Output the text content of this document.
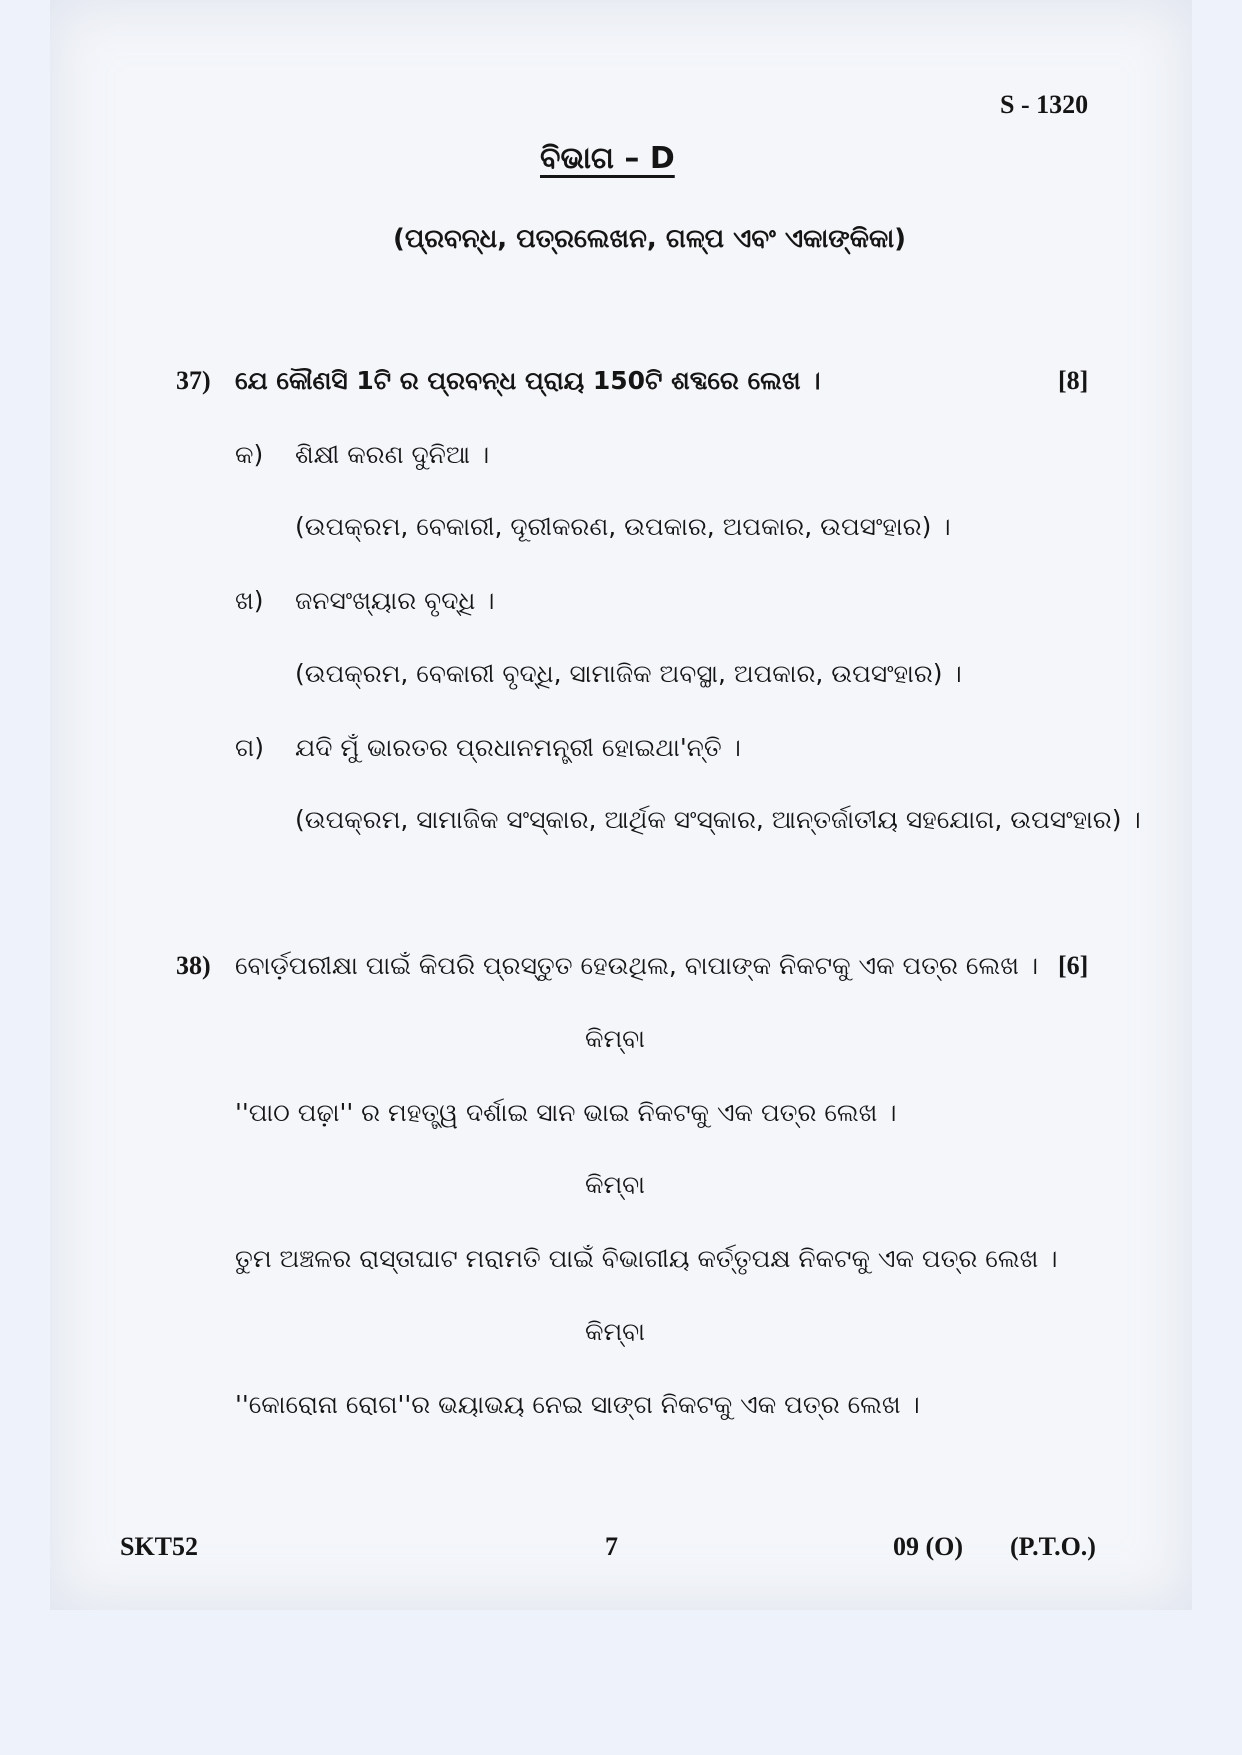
S - 1320
ବିଭାଗ – D
(ପ୍ରବନ୍ଧ, ପତ୍ରଲେଖନ, ଗଳ୍ପ ଏବଂ ଏକାଙ୍କିକା)
37) ଯେ କୌଣସି 1ଟି ର ପ୍ରବନ୍ଧ ପ୍ରାୟ 150ଟି ଶବ୍ଦରେ ଲେଖ ।	[8]
କ) ଶିକ୍ଷୀ କରଣ ଦୁନିଆ ।
(ଉପକ୍ରମ, ବେକାରୀ, ଦୂରୀକରଣ, ଉପକାର, ଅପକାର, ଉପସଂହାର) ।
ଖ) ଜନସଂଖ୍ୟାର ବୃଦ୍ଧି ।
(ଉପକ୍ରମ, ବେକାରୀ ବୃଦ୍ଧି, ସାମାଜିକ ଅବସ୍ଥା, ଅପକାର, ଉପସଂହାର) ।
ଗ) ଯଦି ମୁଁ ଭାରତର ପ୍ରଧାନମନ୍ତ୍ରୀ ହୋଇଥା'ନ୍ତି ।
(ଉପକ୍ରମ, ସାମାଜିକ ସଂସ୍କାର, ଆର୍ଥିକ ସଂସ୍କାର, ଆନ୍ତର୍ଜାତୀୟ ସହଯୋଗ, ଉପସଂହାର) ।
38) ବୋର୍ଡ଼ପରୀକ୍ଷା ପାଇଁ କିପରି ପ୍ରସ୍ତୁତ ହେଉଥିଲ, ବାପାଙ୍କ ନିକଟକୁ ଏକ ପତ୍ର ଲେଖ । [6]
କିମ୍ବା
''ପାଠ ପଢ଼ା'' ର ମହତ୍ତ୍ୱ ଦର୍ଶାଇ ସାନ ଭାଇ ନିକଟକୁ ଏକ ପତ୍ର ଲେଖ ।
କିମ୍ବା
ତୁମ ଅଞ୍ଚଳର ରାସ୍ତାଘାଟ ମରାମତି ପାଇଁ ବିଭାଗୀୟ କର୍ତ୍ତୃପକ୍ଷ ନିକଟକୁ ଏକ ପତ୍ର ଲେଖ ।
କିମ୍ବା
''କୋରୋନା ରୋଗ''ର ଭୟାଭୟ ନେଇ ସାଙ୍ଗ ନିକଟକୁ ଏକ ପତ୍ର ଲେଖ ।
SKT52	7	09 (O) (P.T.O.)
